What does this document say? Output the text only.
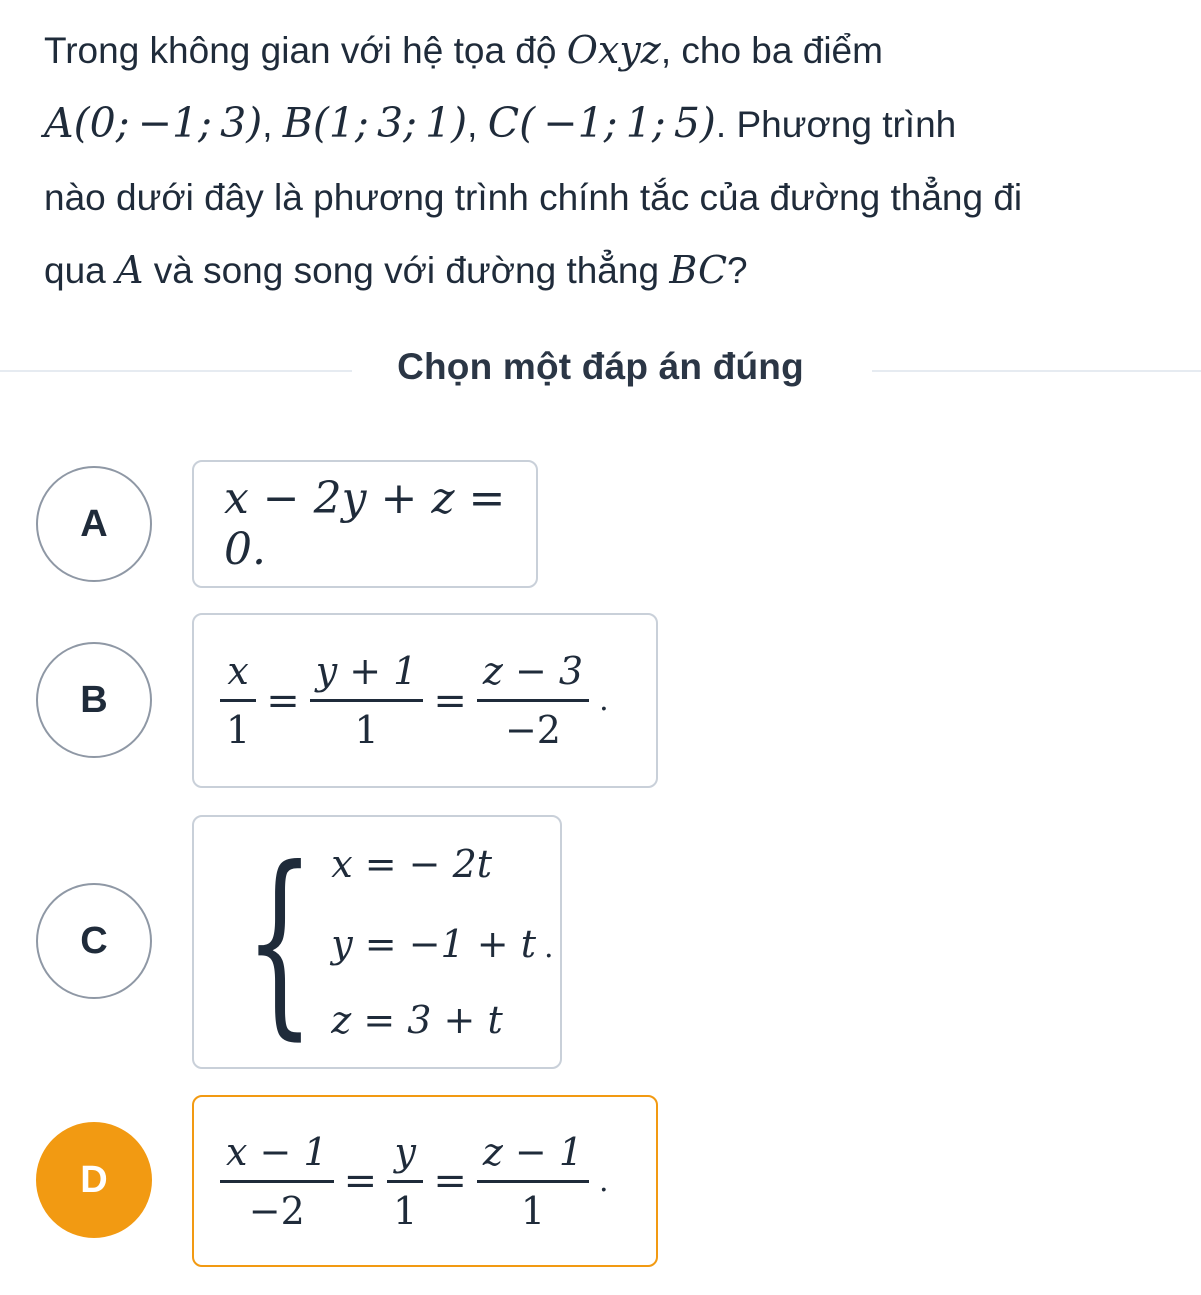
Trong không gian với hệ tọa độ Oxyz, cho ba điểm
A(0; −1; 3), B(1; 3; 1), C( −1; 1; 5). Phương trình
nào dưới đây là phương trình chính tắc của đường thẳng đi
qua A và song song với đường thẳng BC?
Chọn một đáp án đúng
A	x − 2y + z = 0.
B	$\frac{x}{1} = \frac{y + 1}{1} = \frac{z - 3}{-2}$ .
C { x = − 2t
y = −1 + t .
z = 3 + t
D	$\frac{x - 1}{-2} = \frac{y}{1} = \frac{z - 1}{1}$ .
